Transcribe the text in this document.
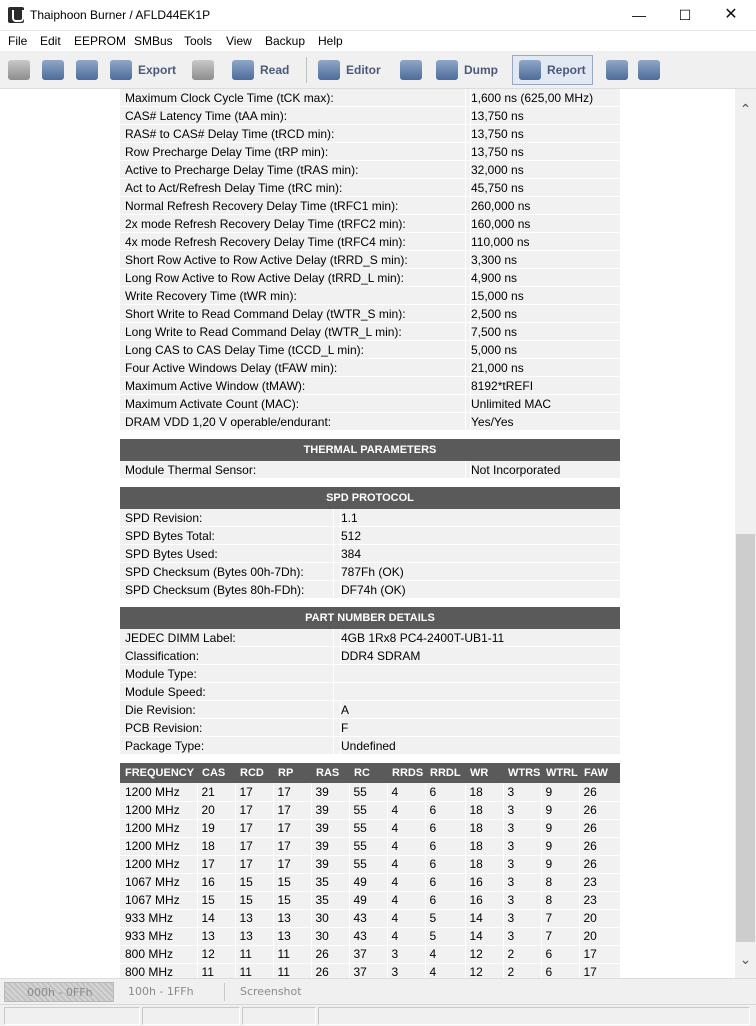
Thaiphoon Burner / AFLD44EK1P	—	☐	✕
File Edit EEPROM SMBus Tools View Backup Help
Export	Read	Editor	Dump	Report
Maximum Clock Cycle Time (tCK max):	1,600 ns (625,00 MHz)
CAS# Latency Time (tAA min):	13,750 ns
RAS# to CAS# Delay Time (tRCD min):	13,750 ns
Row Precharge Delay Time (tRP min):	13,750 ns
Active to Precharge Delay Time (tRAS min):	32,000 ns
Act to Act/Refresh Delay Time (tRC min):	45,750 ns
Normal Refresh Recovery Delay Time (tRFC1 min):	260,000 ns
2x mode Refresh Recovery Delay Time (tRFC2 min):	160,000 ns
4x mode Refresh Recovery Delay Time (tRFC4 min):	110,000 ns
Short Row Active to Row Active Delay (tRRD_S min):	3,300 ns
Long Row Active to Row Active Delay (tRRD_L min):	4,900 ns
Write Recovery Time (tWR min):	15,000 ns
Short Write to Read Command Delay (tWTR_S min):	2,500 ns
Long Write to Read Command Delay (tWTR_L min):	7,500 ns
Long CAS to CAS Delay Time (tCCD_L min):	5,000 ns
Four Active Windows Delay (tFAW min):	21,000 ns
Maximum Active Window (tMAW):	8192*tREFI
Maximum Activate Count (MAC):	Unlimited MAC
DRAM VDD 1,20 V operable/endurant:	Yes/Yes
THERMAL PARAMETERS
Module Thermal Sensor:	Not Incorporated
SPD PROTOCOL
SPD Revision:	1.1
SPD Bytes Total:	512
SPD Bytes Used:	384
SPD Checksum (Bytes 00h-7Dh):	787Fh (OK)
SPD Checksum (Bytes 80h-FDh):	DF74h (OK)
PART NUMBER DETAILS
JEDEC DIMM Label:	4GB 1Rx8 PC4-2400T-UB1-11
Classification:	DDR4 SDRAM
Module Type:
Module Speed:
Die Revision:	A
PCB Revision:	F
Package Type:	Undefined
FREQUENCY	CAS	RCD	RP	RAS	RC	RRDS	RRDL	WR	WTRS	WTRL	FAW
1200 MHz	21	17	17	39	55	4	6	18	3	9	26
1200 MHz	20	17	17	39	55	4	6	18	3	9	26
1200 MHz	19	17	17	39	55	4	6	18	3	9	26
1200 MHz	18	17	17	39	55	4	6	18	3	9	26
1200 MHz	17	17	17	39	55	4	6	18	3	9	26
1067 MHz	16	15	15	35	49	4	6	16	3	8	23
1067 MHz	15	15	15	35	49	4	6	16	3	8	23
933 MHz	14	13	13	30	43	4	5	14	3	7	20
933 MHz	13	13	13	30	43	4	5	14	3	7	20
800 MHz	12	11	11	26	37	3	4	12	2	6	17
800 MHz	11	11	11	26	37	3	4	12	2	6	17

⌃
⌄
000h - 0FFh	100h - 1FFh	Screenshot
